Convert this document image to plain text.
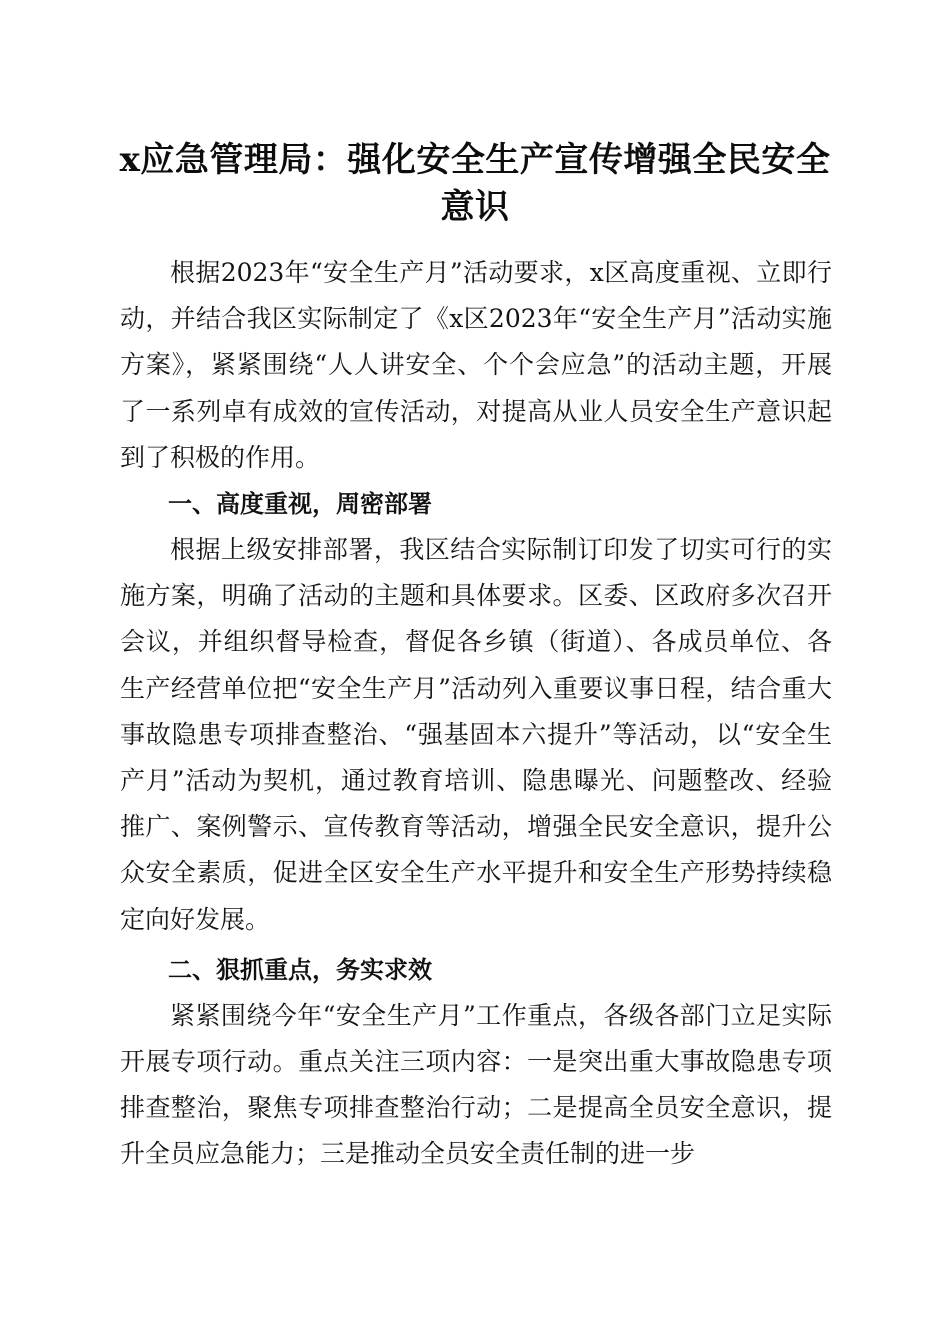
x应急管理局：强化安全生产宣传增强全民安全意识

根据2023年“安全生产月”活动要求，x区高度重视、立即行动，并结合我区实际制定了《x区2023年“安全生产月”活动实施方案》，紧紧围绕“人人讲安全、个个会应急”的活动主题，开展了一系列卓有成效的宣传活动，对提高从业人员安全生产意识起到了积极的作用。

一、高度重视，周密部署

根据上级安排部署，我区结合实际制订印发了切实可行的实施方案，明确了活动的主题和具体要求。区委、区政府多次召开会议，并组织督导检查，督促各乡镇（街道）、各成员单位、各生产经营单位把“安全生产月”活动列入重要议事日程，结合重大事故隐患专项排查整治、“强基固本六提升”等活动，以“安全生产月”活动为契机，通过教育培训、隐患曝光、问题整改、经验推广、案例警示、宣传教育等活动，增强全民安全意识，提升公众安全素质，促进全区安全生产水平提升和安全生产形势持续稳定向好发展。

二、狠抓重点，务实求效

紧紧围绕今年“安全生产月”工作重点，各级各部门立足实际开展专项行动。重点关注三项内容：一是突出重大事故隐患专项排查整治，聚焦专项排查整治行动；二是提高全员安全意识，提升全员应急能力；三是推动全员安全责任制的进一步
